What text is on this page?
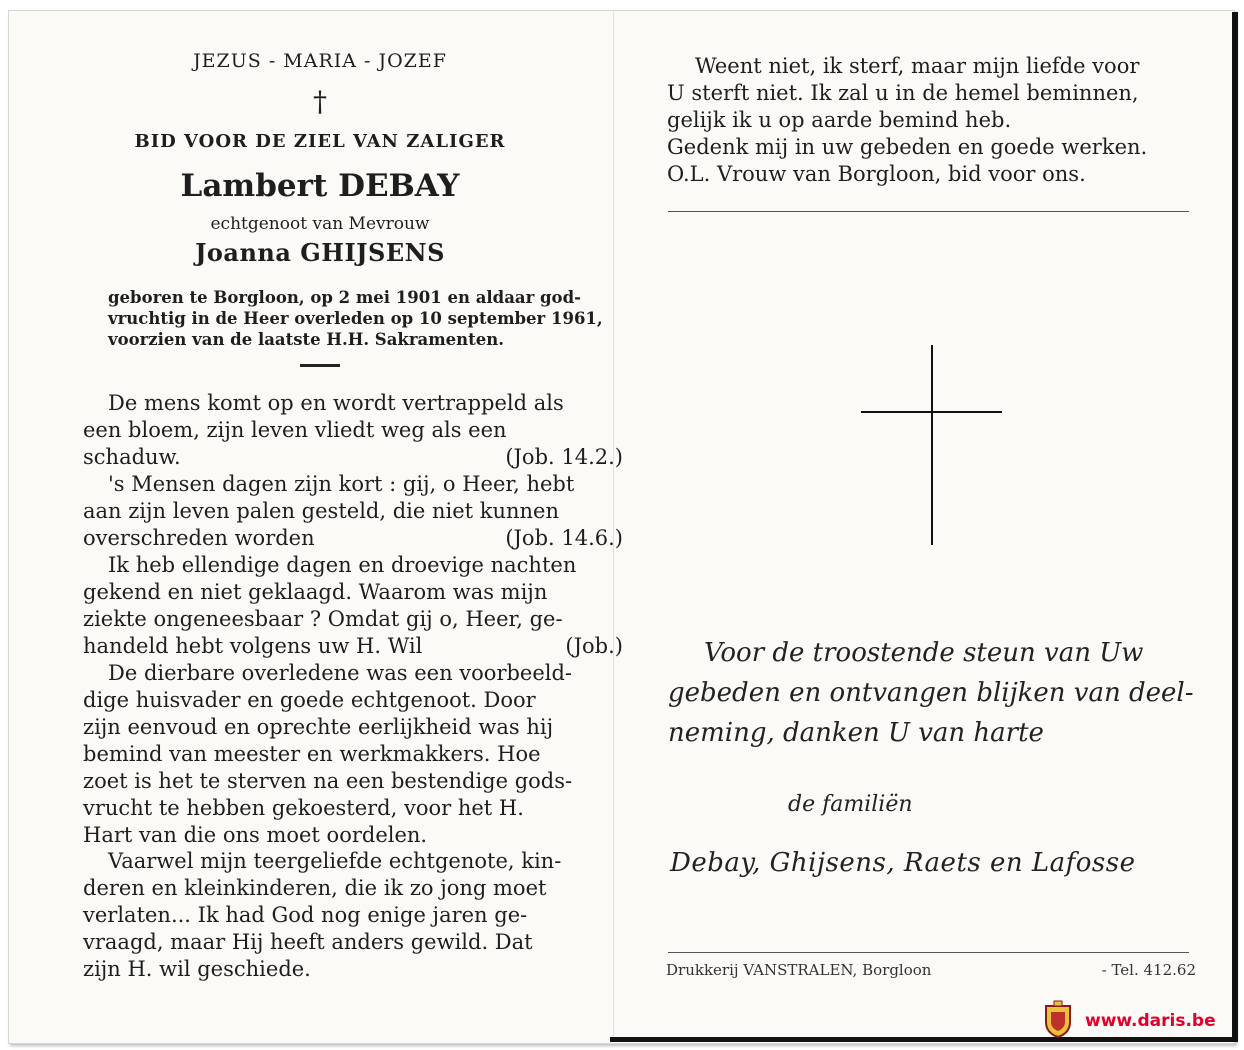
JEZUS - MARIA - JOZEF
†
BID VOOR DE ZIEL VAN ZALIGER
Lambert DEBAY
echtgenoot van Mevrouw
Joanna GHIJSENS
geboren te Borgloon, op 2 mei 1901 en aldaar god-
vruchtig in de Heer overleden op 10 september 1961,
voorzien van de laatste H.H. Sakramenten.
De mens komt op en wordt vertrappeld als
een bloem, zijn leven vliedt weg als een
schaduw.	(Job. 14.2.)
's Mensen dagen zijn kort : gij, o Heer, hebt
aan zijn leven palen gesteld, die niet kunnen
overschreden worden	(Job. 14.6.)
Ik heb ellendige dagen en droevige nachten
gekend en niet geklaagd. Waarom was mijn
ziekte ongeneesbaar ? Omdat gij o, Heer, ge-
handeld hebt volgens uw H. Wil	(Job.)
De dierbare overledene was een voorbeeld-
dige huisvader en goede echtgenoot. Door
zijn eenvoud en oprechte eerlijkheid was hij
bemind van meester en werkmakkers. Hoe
zoet is het te sterven na een bestendige gods-
vrucht te hebben gekoesterd, voor het H.
Hart van die ons moet oordelen.
Vaarwel mijn teergeliefde echtgenote, kin-
deren en kleinkinderen, die ik zo jong moet
verlaten... Ik had God nog enige jaren ge-
vraagd, maar Hij heeft anders gewild. Dat
zijn H. wil geschiede.
Weent niet, ik sterf, maar mijn liefde voor
U sterft niet. Ik zal u in de hemel beminnen,
gelijk ik u op aarde bemind heb.
Gedenk mij in uw gebeden en goede werken.
O.L. Vrouw van Borgloon, bid voor ons.
Voor de troostende steun van Uw
gebeden en ontvangen blijken van deel-
neming, danken U van harte
de familiën
Debay, Ghijsens, Raets en Lafosse
Drukkerij VANSTRALEN, Borgloon	- Tel. 412.62
www.daris.be
